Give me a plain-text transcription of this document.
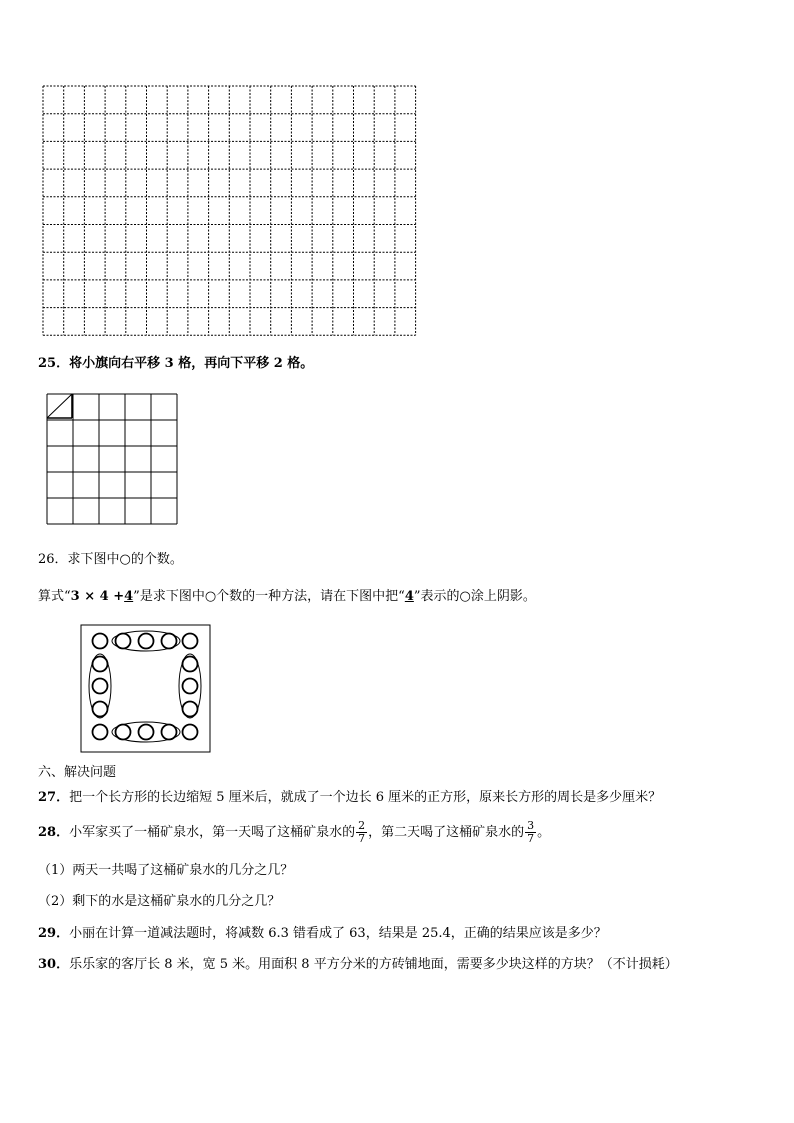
25．将小旗向右平移 3 格，再向下平移 2 格。
26．求下图中○的个数。
算式“3 × 4 +4”是求下图中○个数的一种方法，请在下图中把“4”表示的○涂上阴影。
六、解决问题
27．把一个长方形的长边缩短 5 厘米后，就成了一个边长 6 厘米的正方形，原来长方形的周长是多少厘米？
28．小军家买了一桶矿泉水，第一天喝了这桶矿泉水的 $\frac{2}{7}$ ，第二天喝了这桶矿泉水的 $\frac{3}{7}$ 。
（1）两天一共喝了这桶矿泉水的几分之几？
（2）剩下的水是这桶矿泉水的几分之几？
29．小丽在计算一道减法题时，将减数 6.3 错看成了 63，结果是 25.4，正确的结果应该是多少？
30．乐乐家的客厅长 8 米，宽 5 米。用面积 8 平方分米的方砖铺地面，需要多少块这样的方块？（不计损耗）
